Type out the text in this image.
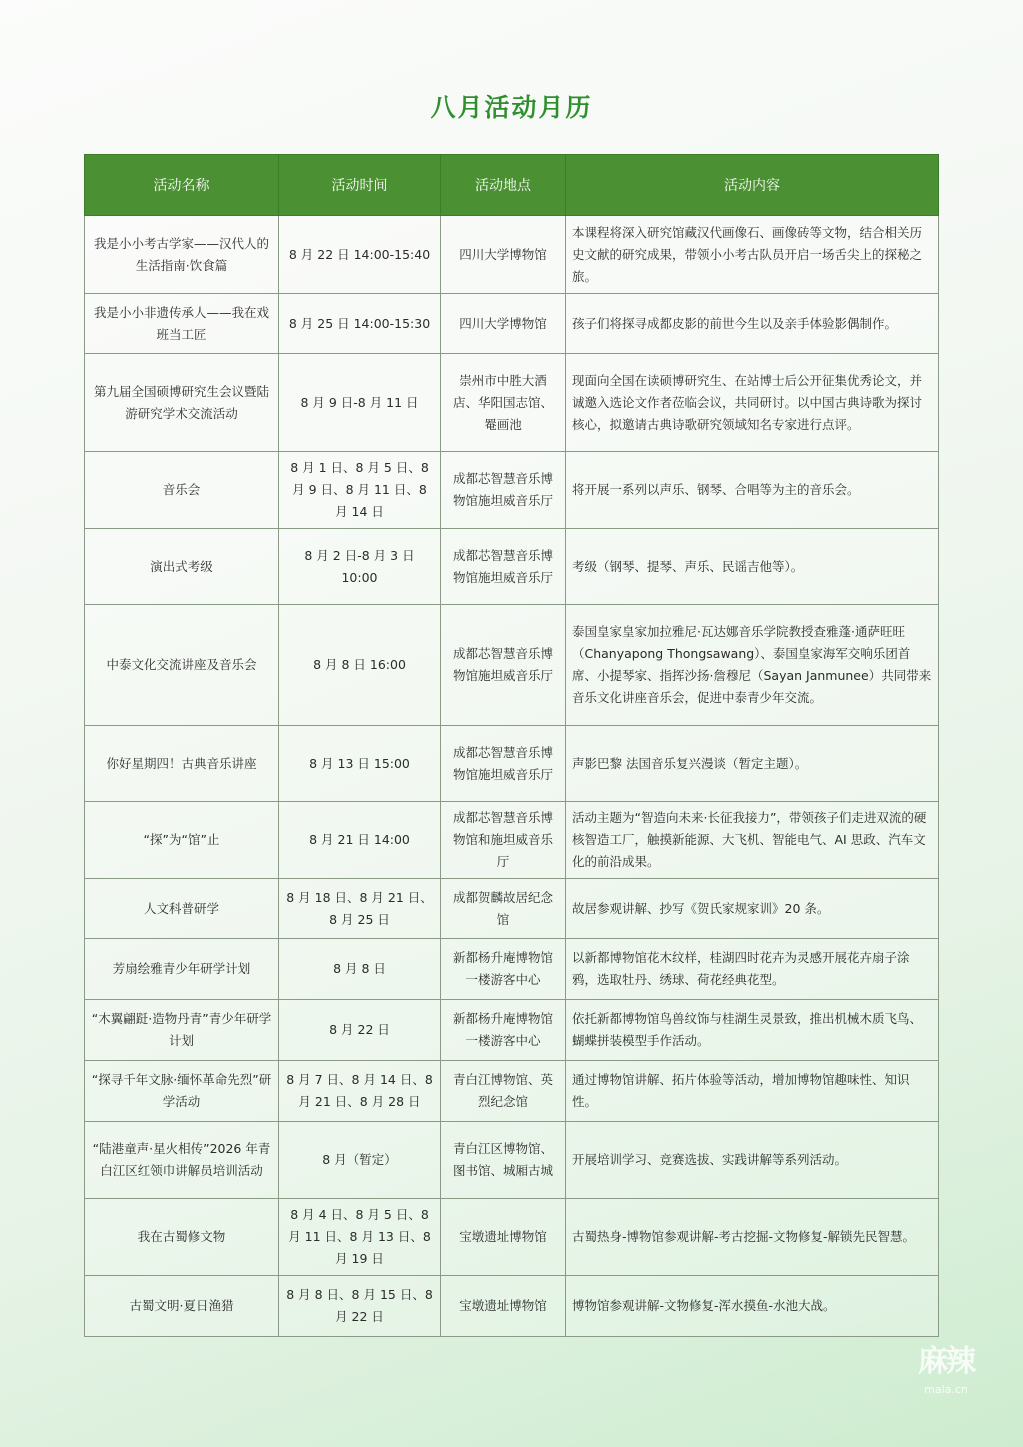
八月活动月历
活动名称	活动时间	活动地点	活动内容
我是小小考古学家——汉代人的生活指南·饮食篇	8 月 22 日 14:00-15:40	四川大学博物馆	本课程将深入研究馆藏汉代画像石、画像砖等文物，结合相关历史文献的研究成果，带领小小考古队员开启一场舌尖上的探秘之旅。
我是小小非遗传承人——我在戏班当工匠	8 月 25 日 14:00-15:30	四川大学博物馆	孩子们将探寻成都皮影的前世今生以及亲手体验影偶制作。
第九届全国硕博研究生会议暨陆游研究学术交流活动	8 月 9 日-8 月 11 日	崇州市中胜大酒店、华阳国志馆、罨画池	现面向全国在读硕博研究生、在站博士后公开征集优秀论文，并诚邀入选论文作者莅临会议，共同研讨。以中国古典诗歌为探讨核心，拟邀请古典诗歌研究领域知名专家进行点评。
音乐会	8 月 1 日、8 月 5 日、8 月 9 日、8 月 11 日、8 月 14 日	成都芯智慧音乐博物馆施坦威音乐厅	将开展一系列以声乐、钢琴、合唱等为主的音乐会。
演出式考级	8 月 2 日-8 月 3 日 10:00	成都芯智慧音乐博物馆施坦威音乐厅	考级（钢琴、提琴、声乐、民谣吉他等）。
中泰文化交流讲座及音乐会	8 月 8 日 16:00	成都芯智慧音乐博物馆施坦威音乐厅	泰国皇家皇家加拉雅尼·瓦达娜音乐学院教授查雅蓬·通萨旺旺（Chanyapong Thongsawang）、泰国皇家海军交响乐团首席、小提琴家、指挥沙扬·詹穆尼（Sayan Janmunee）共同带来音乐文化讲座音乐会，促进中泰青少年交流。
你好星期四！古典音乐讲座	8 月 13 日 15:00	成都芯智慧音乐博物馆施坦威音乐厅	声影巴黎 法国音乐复兴漫谈（暂定主题）。
“探”为“馆”止	8 月 21 日 14:00	成都芯智慧音乐博物馆和施坦威音乐厅	活动主题为“智造向未来·长征我接力”，带领孩子们走进双流的硬核智造工厂，触摸新能源、大飞机、智能电气、AI 思政、汽车文化的前沿成果。
人文科普研学	8 月 18 日、8 月 21 日、8 月 25 日	成都贺麟故居纪念馆	故居参观讲解、抄写《贺氏家规家训》20 条。
芳扇绘雅青少年研学计划	8 月 8 日	新都杨升庵博物馆一楼游客中心	以新都博物馆花木纹样，桂湖四时花卉为灵感开展花卉扇子涂鸦，选取牡丹、绣球、荷花经典花型。
“木翼翩跹·造物丹青”青少年研学计划	8 月 22 日	新都杨升庵博物馆一楼游客中心	依托新都博物馆鸟兽纹饰与桂湖生灵景致，推出机械木质飞鸟、蝴蝶拼装模型手作活动。
“探寻千年文脉·缅怀革命先烈”研学活动	8 月 7 日、8 月 14 日、8 月 21 日、8 月 28 日	青白江博物馆、英烈纪念馆	通过博物馆讲解、拓片体验等活动，增加博物馆趣味性、知识性。
“陆港童声·星火相传”2026 年青白江区红领巾讲解员培训活动	8 月（暂定）	青白江区博物馆、图书馆、城厢古城	开展培训学习、竞赛选拔、实践讲解等系列活动。
我在古蜀修文物	8 月 4 日、8 月 5 日、8 月 11 日、8 月 13 日、8 月 19 日	宝墩遗址博物馆	古蜀热身-博物馆参观讲解-考古挖掘-文物修复-解锁先民智慧。
古蜀文明·夏日渔猎	8 月 8 日、8 月 15 日、8 月 22 日	宝墩遗址博物馆	博物馆参观讲解-文物修复-浑水摸鱼-水池大战。
麻辣
mala.cn
